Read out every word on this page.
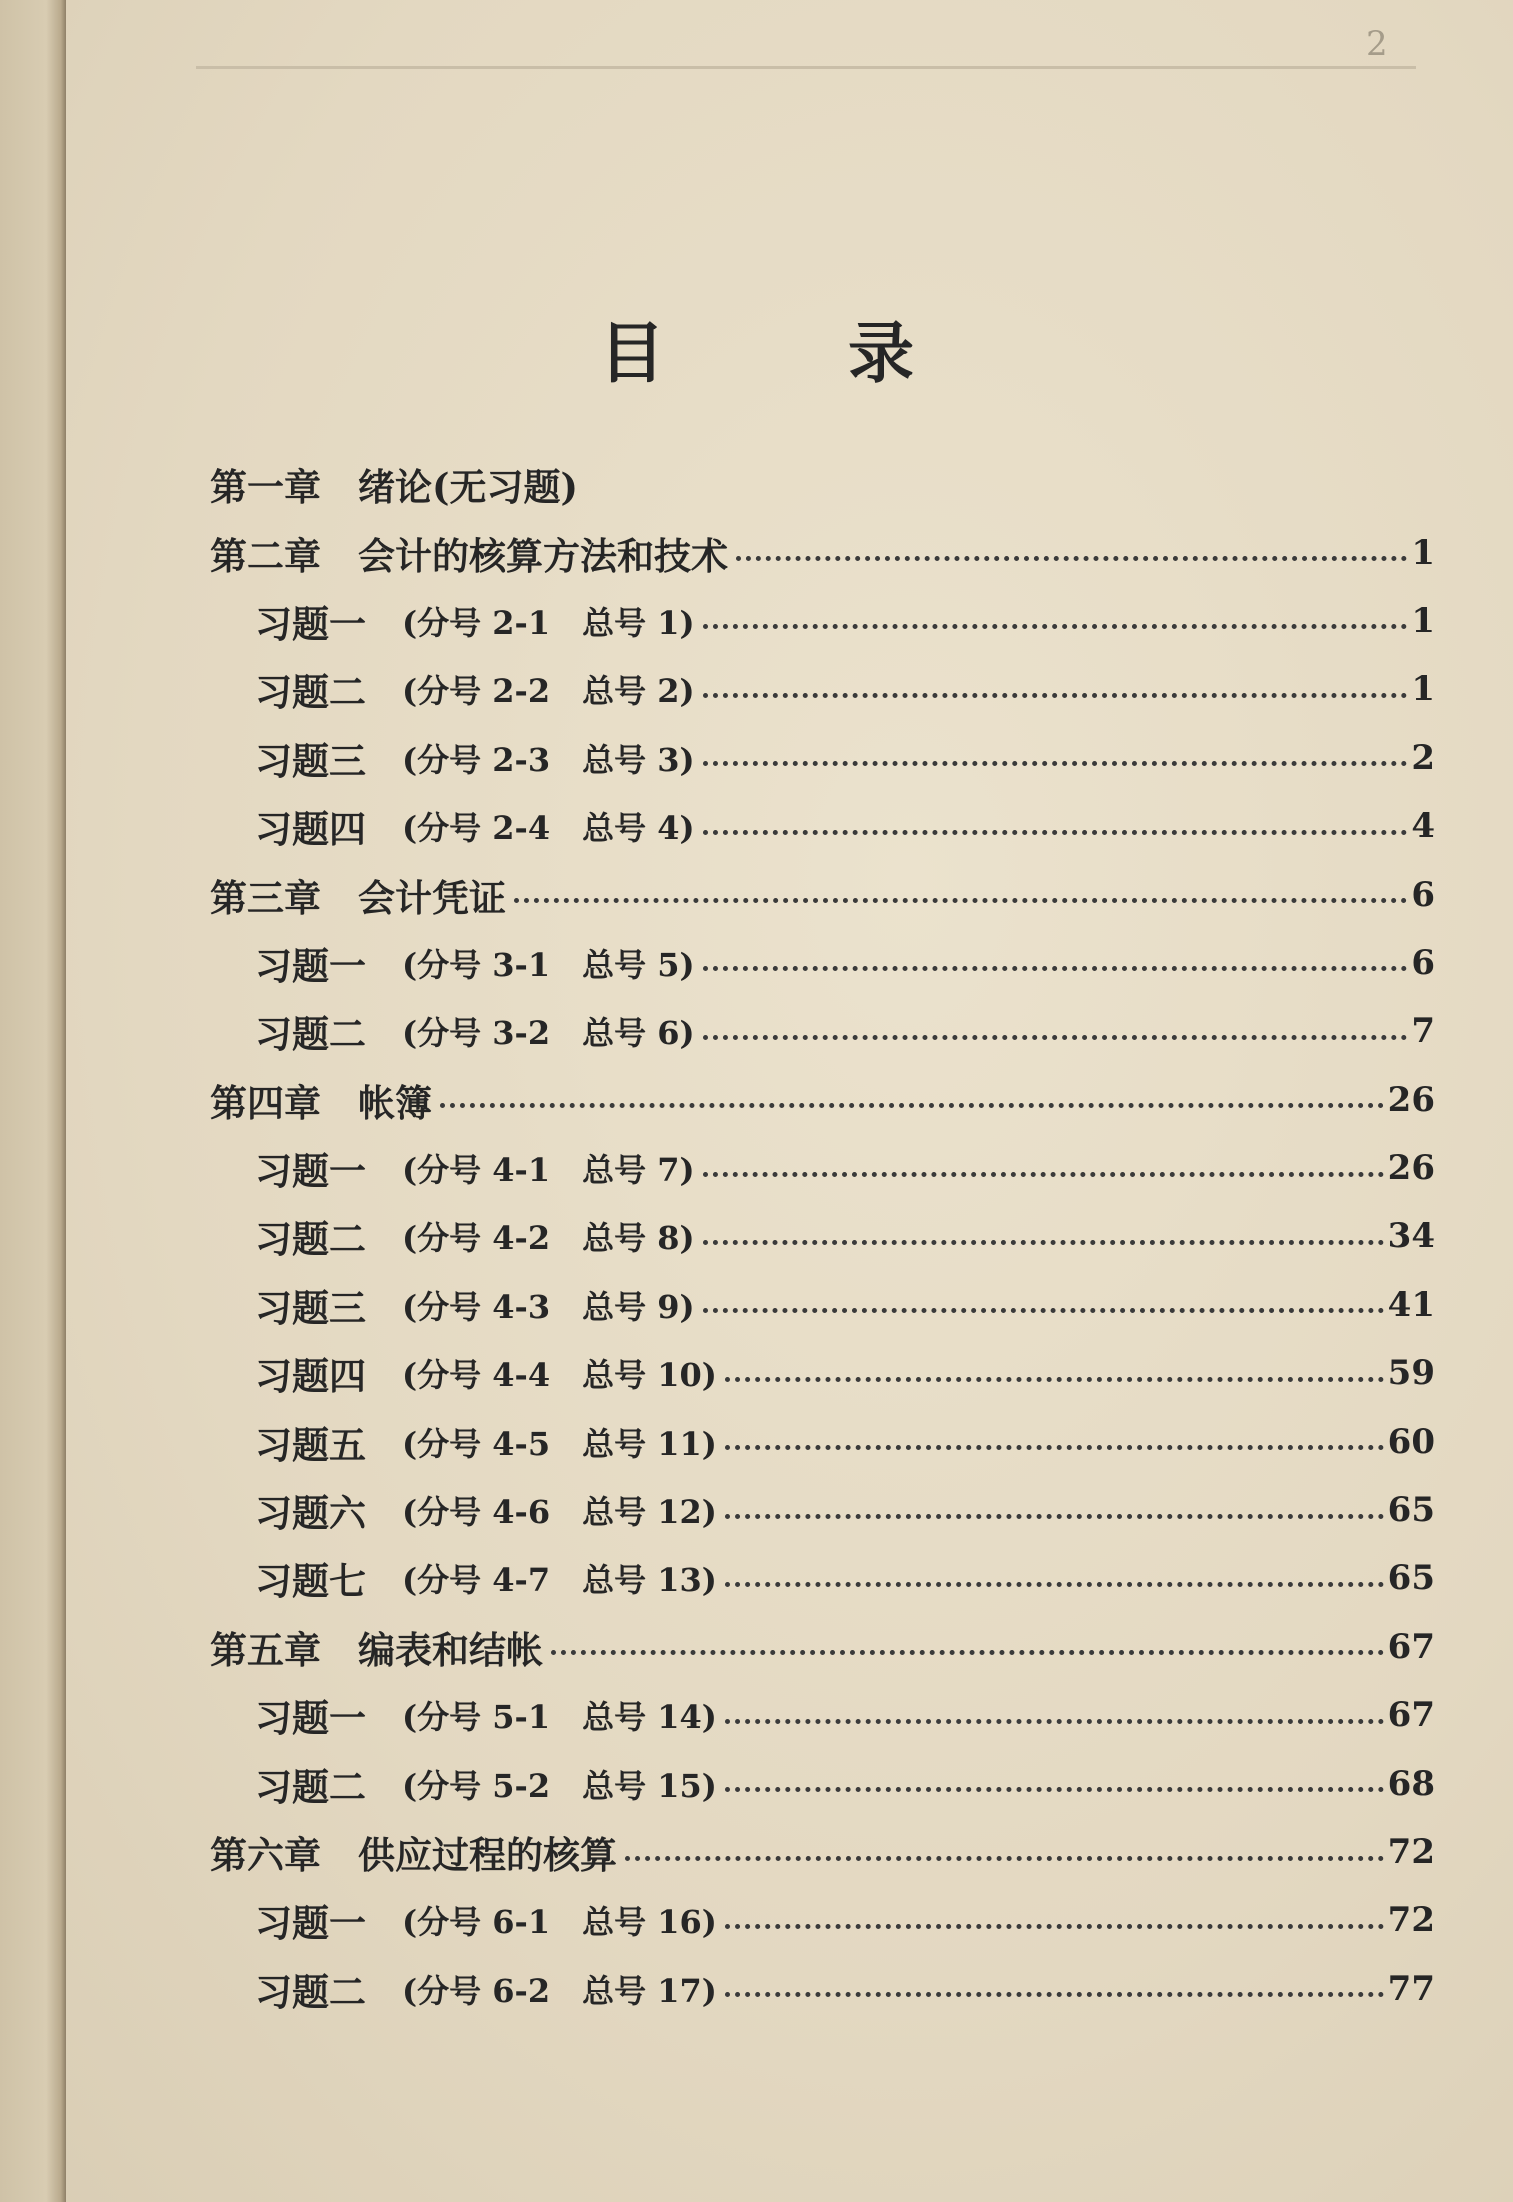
2
目 录
第一章　绪论(无习题)
第二章　会计的核算方法和技术	1
习题一 (分号 2-1　总号 1)	1
习题二 (分号 2-2　总号 2)	1
习题三 (分号 2-3　总号 3)	2
习题四 (分号 2-4　总号 4)	4
第三章　会计凭证	6
习题一 (分号 3-1　总号 5)	6
习题二 (分号 3-2　总号 6)	7
第四章　帐簿	26
习题一 (分号 4-1　总号 7)	26
习题二 (分号 4-2　总号 8)	34
习题三 (分号 4-3　总号 9)	41
习题四 (分号 4-4　总号 10)	59
习题五 (分号 4-5　总号 11)	60
习题六 (分号 4-6　总号 12)	65
习题七 (分号 4-7　总号 13)	65
第五章　编表和结帐	67
习题一 (分号 5-1　总号 14)	67
习题二 (分号 5-2　总号 15)	68
第六章　供应过程的核算	72
习题一 (分号 6-1　总号 16)	72
习题二 (分号 6-2　总号 17)	77
